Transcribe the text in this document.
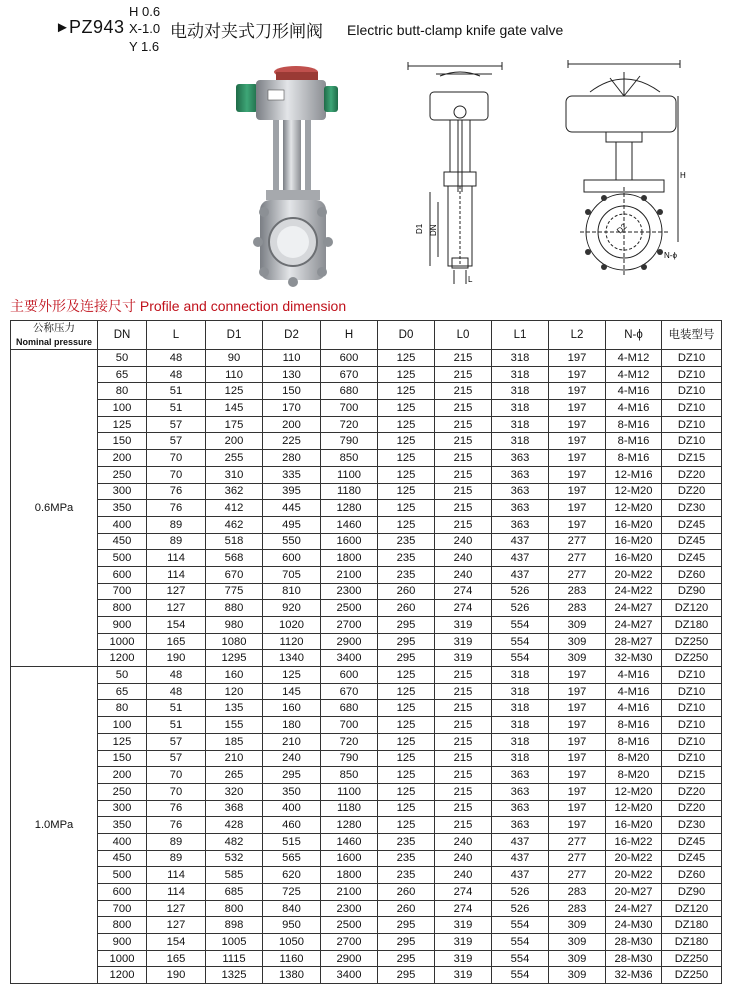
► PZ943
H 0.6
X-1.0
Y 1.6
电动对夹式刀形闸阀 Electric butt-clamp knife gate valve
D1 DN
L
D2
H
N-ϕ
主要外形及连接尺寸 Profile and connection dimension
公称压力
Nominal pressure	DN	L	D1	D2	H	D0	L0	L1	L2	N-ϕ	电装型号
0.6MPa	50	48	90	110	600	125	215	318	197	4-M12	DZ10
	65	48	110	130	670	125	215	318	197	4-M12	DZ10
	80	51	125	150	680	125	215	318	197	4-M16	DZ10
	100	51	145	170	700	125	215	318	197	4-M16	DZ10
	125	57	175	200	720	125	215	318	197	8-M16	DZ10
	150	57	200	225	790	125	215	318	197	8-M16	DZ10
	200	70	255	280	850	125	215	363	197	8-M16	DZ15
	250	70	310	335	1100	125	215	363	197	12-M16	DZ20
	300	76	362	395	1180	125	215	363	197	12-M20	DZ20
	350	76	412	445	1280	125	215	363	197	12-M20	DZ30
	400	89	462	495	1460	125	215	363	197	16-M20	DZ45
	450	89	518	550	1600	235	240	437	277	16-M20	DZ45
	500	114	568	600	1800	235	240	437	277	16-M20	DZ45
	600	114	670	705	2100	235	240	437	277	20-M22	DZ60
	700	127	775	810	2300	260	274	526	283	24-M22	DZ90
	800	127	880	920	2500	260	274	526	283	24-M27	DZ120
	900	154	980	1020	2700	295	319	554	309	24-M27	DZ180
	1000	165	1080	1120	2900	295	319	554	309	28-M27	DZ250
	1200	190	1295	1340	3400	295	319	554	309	32-M30	DZ250
1.0MPa	50	48	160	125	600	125	215	318	197	4-M16	DZ10
	65	48	120	145	670	125	215	318	197	4-M16	DZ10
	80	51	135	160	680	125	215	318	197	4-M16	DZ10
	100	51	155	180	700	125	215	318	197	8-M16	DZ10
	125	57	185	210	720	125	215	318	197	8-M16	DZ10
	150	57	210	240	790	125	215	318	197	8-M20	DZ10
	200	70	265	295	850	125	215	363	197	8-M20	DZ15
	250	70	320	350	1100	125	215	363	197	12-M20	DZ20
	300	76	368	400	1180	125	215	363	197	12-M20	DZ20
	350	76	428	460	1280	125	215	363	197	16-M20	DZ30
	400	89	482	515	1460	235	240	437	277	16-M22	DZ45
	450	89	532	565	1600	235	240	437	277	20-M22	DZ45
	500	114	585	620	1800	235	240	437	277	20-M22	DZ60
	600	114	685	725	2100	260	274	526	283	20-M27	DZ90
	700	127	800	840	2300	260	274	526	283	24-M27	DZ120
	800	127	898	950	2500	295	319	554	309	24-M30	DZ180
	900	154	1005	1050	2700	295	319	554	309	28-M30	DZ180
	1000	165	1115	1160	2900	295	319	554	309	28-M30	DZ250
	1200	190	1325	1380	3400	295	319	554	309	32-M36	DZ250
